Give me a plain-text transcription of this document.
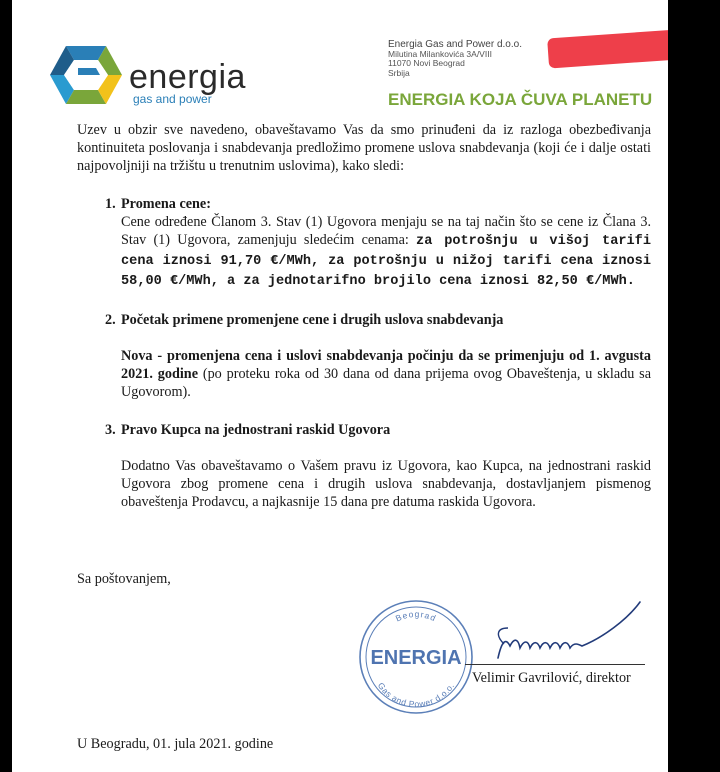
energia
gas and power
Energia Gas and Power d.o.o.
Milutina Milankovića 3A/VIII
11070 Novi Beograd
Srbija
ENERGIA KOJA ČUVA PLANETU

Uzev u obzir sve navedeno, obaveštavamo Vas da smo prinuđeni da iz razloga obezbeđivanja kontinuiteta poslovanja i snabdevanja predložimo promene uslova snabdevanja (koji će i dalje ostati najpovoljniji na tržištu u trenutnim uslovima), kako sledi:

1. Promena cene:
Cene određene Članom 3. Stav (1) Ugovora menjaju se na taj način što se cene iz Člana 3. Stav (1) Ugovora, zamenjuju sledećim cenama: za potrošnju u višoj tarifi cena iznosi 91,70 €/MWh, za potrošnju u nižoj tarifi cena iznosi 58,00 €/MWh, a za jednotarifno brojilo cena iznosi 82,50 €/MWh.
2. Početak primene promenjene cene i drugih uslova snabdevanja
Nova - promenjena cena i uslovi snabdevanja počinju da se primenjuju od 1. avgusta 2021. godine (po proteku roka od 30 dana od dana prijema ovog Obaveštenja, u skladu sa Ugovorom).
3. Pravo Kupca na jednostrani raskid Ugovora
Dodatno Vas obaveštavamo o Vašem pravu iz Ugovora, kao Kupca, na jednostrani raskid Ugovora zbog promene cena i drugih uslova snabdevanja, dostavljanjem pismenog obaveštenja Prodavcu, a najkasnije 15 dana pre datuma raskida Ugovora.
Sa poštovanjem,
Beograd
Gas and Power d.o.o.
ENERGIA
Velimir Gavrilović, direktor
U Beogradu, 01. jula 2021. godine
